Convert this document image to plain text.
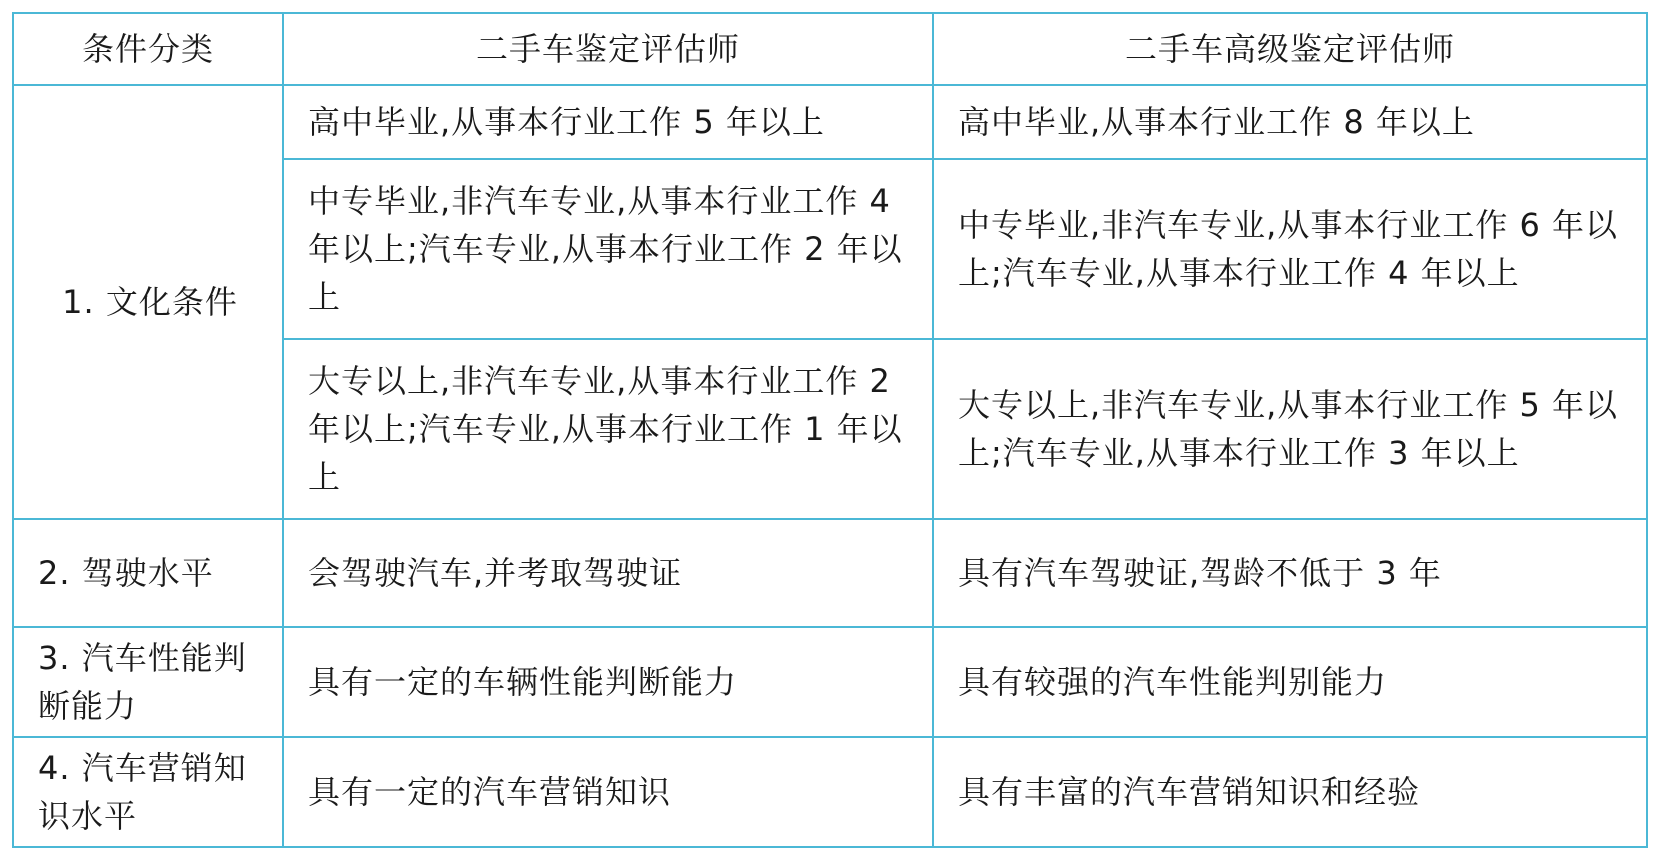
条件分类	二手车鉴定评估师	二手车高级鉴定评估师
1. 文化条件	高中毕业,从事本行业工作 5 年以上	高中毕业,从事本行业工作 8 年以上
	中专毕业,非汽车专业,从事本行业工作 4 年以上;汽车专业,从事本行业工作 2 年以上	中专毕业,非汽车专业,从事本行业工作 6 年以上;汽车专业,从事本行业工作 4 年以上
	大专以上,非汽车专业,从事本行业工作 2 年以上;汽车专业,从事本行业工作 1 年以上	大专以上,非汽车专业,从事本行业工作 5 年以上;汽车专业,从事本行业工作 3 年以上
2. 驾驶水平	会驾驶汽车,并考取驾驶证	具有汽车驾驶证,驾龄不低于 3 年
3. 汽车性能判断能力	具有一定的车辆性能判断能力	具有较强的汽车性能判别能力
4. 汽车营销知识水平	具有一定的汽车营销知识	具有丰富的汽车营销知识和经验
